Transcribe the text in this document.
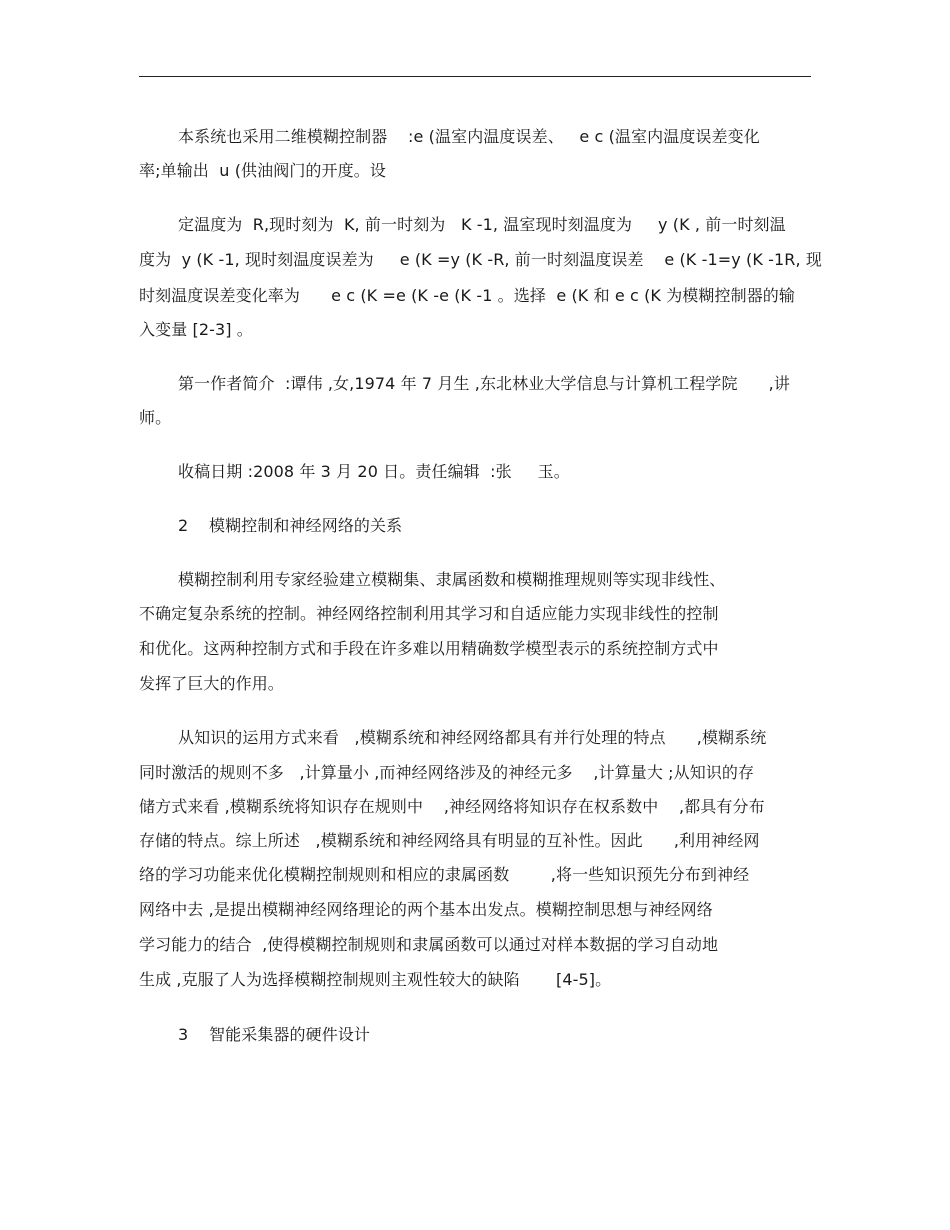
本系统也采用二维模糊控制器    :e (温室内温度误差、   e c (温室内温度误差变化
率;单输出  u (供油阀门的开度。设
定温度为  R,现时刻为  K, 前一时刻为   K -1, 温室现时刻温度为     y (K , 前一时刻温
度为  y (K -1, 现时刻温度误差为     e (K =y (K -R, 前一时刻温度误差    e (K -1=y (K -1R, 现
时刻温度误差变化率为      e c (K =e (K -e (K -1 。选择  e (K 和 e c (K 为模糊控制器的输
入变量 [2-3] 。
第一作者简介  :谭伟 ,女,1974 年 7 月生 ,东北林业大学信息与计算机工程学院      ,讲
师。
收稿日期 :2008 年 3 月 20 日。责任编辑  :张     玉。
2    模糊控制和神经网络的关系
模糊控制利用专家经验建立模糊集、隶属函数和模糊推理规则等实现非线性、
不确定复杂系统的控制。神经网络控制利用其学习和自适应能力实现非线性的控制
和优化。这两种控制方式和手段在许多难以用精确数学模型表示的系统控制方式中
发挥了巨大的作用。
从知识的运用方式来看   ,模糊系统和神经网络都具有并行处理的特点      ,模糊系统
同时激活的规则不多   ,计算量小 ,而神经网络涉及的神经元多    ,计算量大 ;从知识的存
储方式来看 ,模糊系统将知识存在规则中    ,神经网络将知识存在权系数中    ,都具有分布
存储的特点。综上所述   ,模糊系统和神经网络具有明显的互补性。因此      ,利用神经网
络的学习功能来优化模糊控制规则和相应的隶属函数        ,将一些知识预先分布到神经
网络中去 ,是提出模糊神经网络理论的两个基本出发点。模糊控制思想与神经网络
学习能力的结合  ,使得模糊控制规则和隶属函数可以通过对样本数据的学习自动地
生成 ,克服了人为选择模糊控制规则主观性较大的缺陷       [4-5]。
3    智能采集器的硬件设计
